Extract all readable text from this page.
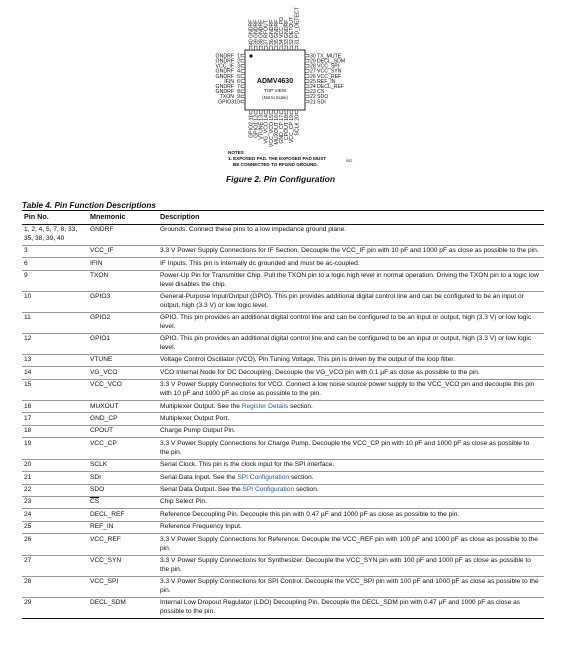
1
GNDRF
2
GNDRF
3
VCC_IF
4
GNDRF
5
GNDRF
6
IFIN
7
GNDRF
8
GNDRF
9
TXON
10
GPIO3
30 TX_MUTE
29 DECL_SDM
28 VCC_SPI
27 VCC_SYN
26 VCC_REF
25 REF_IN
24 DECL_REF
23 CS
22 SDO
21 SDI
40
GNDRF
39
GNDRF
38
GNDRF
37
RFOUT
36
GNDRF
35
GNDRF
34
VCC_PD
33
GNDRF
32
DETOUT
31
PD_DETECT
11
GPIO2
12
GPIO1
13
VTUNE
14
VG_VCO
15
VCC_VCO
16
MUXOUT
17
GND_CP
18
CPOUT
19
VCC_CP
20
SCLK
ADMV4630
TOP VIEW
(Not to Scale)
NOTES
1. EXPOSED PAD. THE EXPOSED PAD MUST
BE CONNECTED TO RFGND GROUND.
002
Figure 2. Pin Configuration
Table 4. Pin Function Descriptions
Pin No.	Mnemonic	Description
1, 2, 4, 5, 7, 8, 33, 35, 38, 39, 40	GNDRF	Grounds. Connect these pins to a low impedance ground plane.
3	VCC_IF	3.3 V Power Supply Connections for IF Section. Decouple the VCC_IF pin with 10 pF and 1000 pF as close as possible to the pin.
6	IFIN	IF Inputs. This pin is internally dc grounded and must be ac-coupled.
9	TXON	Power-Up Pin for Transmitter Chip. Pull the TXON pin to a logic high level in normal operation. Driving the TXON pin to a logic low level disables the chip.
10	GPIO3	General-Purpose Input/Output (GPIO). This pin provides additional digital control line and can be configured to be an input or output, high (3.3 V) or low logic level.
11	GPIO2	GPIO. This pin provides an additional digital control line and can be configured to be an input or output, high (3.3 V) or low logic level.
12	GPIO1	GPIO. This pin provides an additional digital control line and can be configured to be an input or output, high (3.3 V) or low logic level.
13	VTUNE	Voltage Control Oscillator (VCO), Pin Tuning Voltage. This pin is driven by the output of the loop filter.
14	VG_VCO	VCO Internal Node for DC Decoupling. Decouple the VG_VCO pin with 0.1 µF as close as possible to the pin.
15	VCC_VCO	3.3 V Power Supply Connections for VCO. Connect a low noise source power supply to the VCC_VCO pin and decouple this pin with 10 pF and 1000 pF as close as possible to the pin.
16	MUXOUT	Multiplexer Output. See the Register Details section.
17	GND_CP	Multiplexer Output Port.
18	CPOUT	Charge Pump Output Pin.
19	VCC_CP	3.3 V Power Supply Connections for Charge Pump. Decouple the VCC_CP pin with 10 pF and 1000 pF as close as possible to the pin.
20	SCLK	Serial Clock. This pin is the clock input for the SPI interface.
21	SDI	Serial Data Input. See the SPI Configuration section.
22	SDO	Serial Data Output. See the SPI Configuration section.
23	$\overline{CS}$	Chip Select Pin.
24	DECL_REF	Reference Decoupling Pin. Decouple this pin with 0.47 µF and 1000 pF as close as possible to the pin.
25	REF_IN	Reference Frequency Input.
26	VCC_REF	3.3 V Power Supply Connections for Reference. Decouple the VCC_REF pin with 100 pF and 1000 pF as close as possible to the pin.
27	VCC_SYN	3.3 V Power Supply Connections for Synthesizer. Decouple the VCC_SYN pin with 100 pF and 1000 pF as close as possible to the pin.
28	VCC_SPI	3.3 V Power Supply Connections for SPI Control. Decouple the VCC_SPI pin with 100 pF and 1000 pF as close as possible to the pin.
29	DECL_SDM	Internal Low Dropout Regulator (LDO) Decoupling Pin. Decouple the DECL_SDM pin with 0.47 µF and 1000 pF as close as possible to the pin.
